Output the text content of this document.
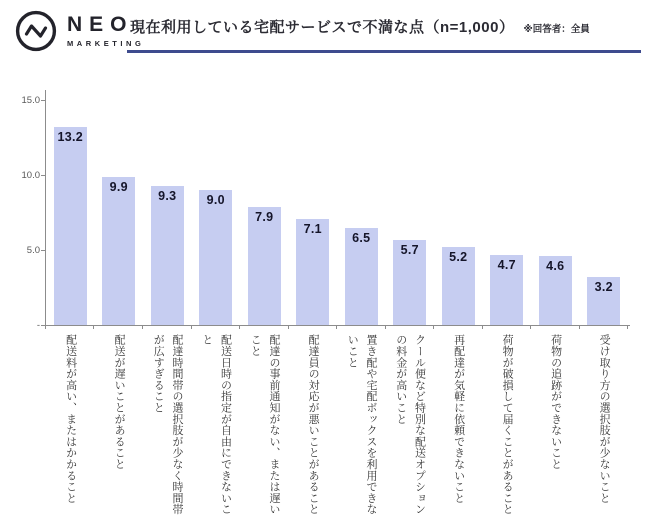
NEO
MARKETING
現在利用している宅配サービスで不満な点（n=1,000） ※回答者：全員
13.2
9.9
9.3	9.0
7.9
7.1
6.5
5.7
5.2
4.7	4.6
3.2
15.0
10.0
5.0
-
配送料が高い、またはかかること	配送が遅いことがあること	配達時間帯の選択肢が少なく時間帯が広すぎること	配送日時の指定が自由にできないこと	配達の事前通知がない、または遅いこと	配達員の対応が悪いことがあること	置き配や宅配ボックスを利用できないこと	クール便など特別な配送オプションの料金が高いこと	再配達が気軽に依頼できないこと	荷物が破損して届くことがあること	荷物の追跡ができないこと	受け取り方の選択肢が少ないこと
